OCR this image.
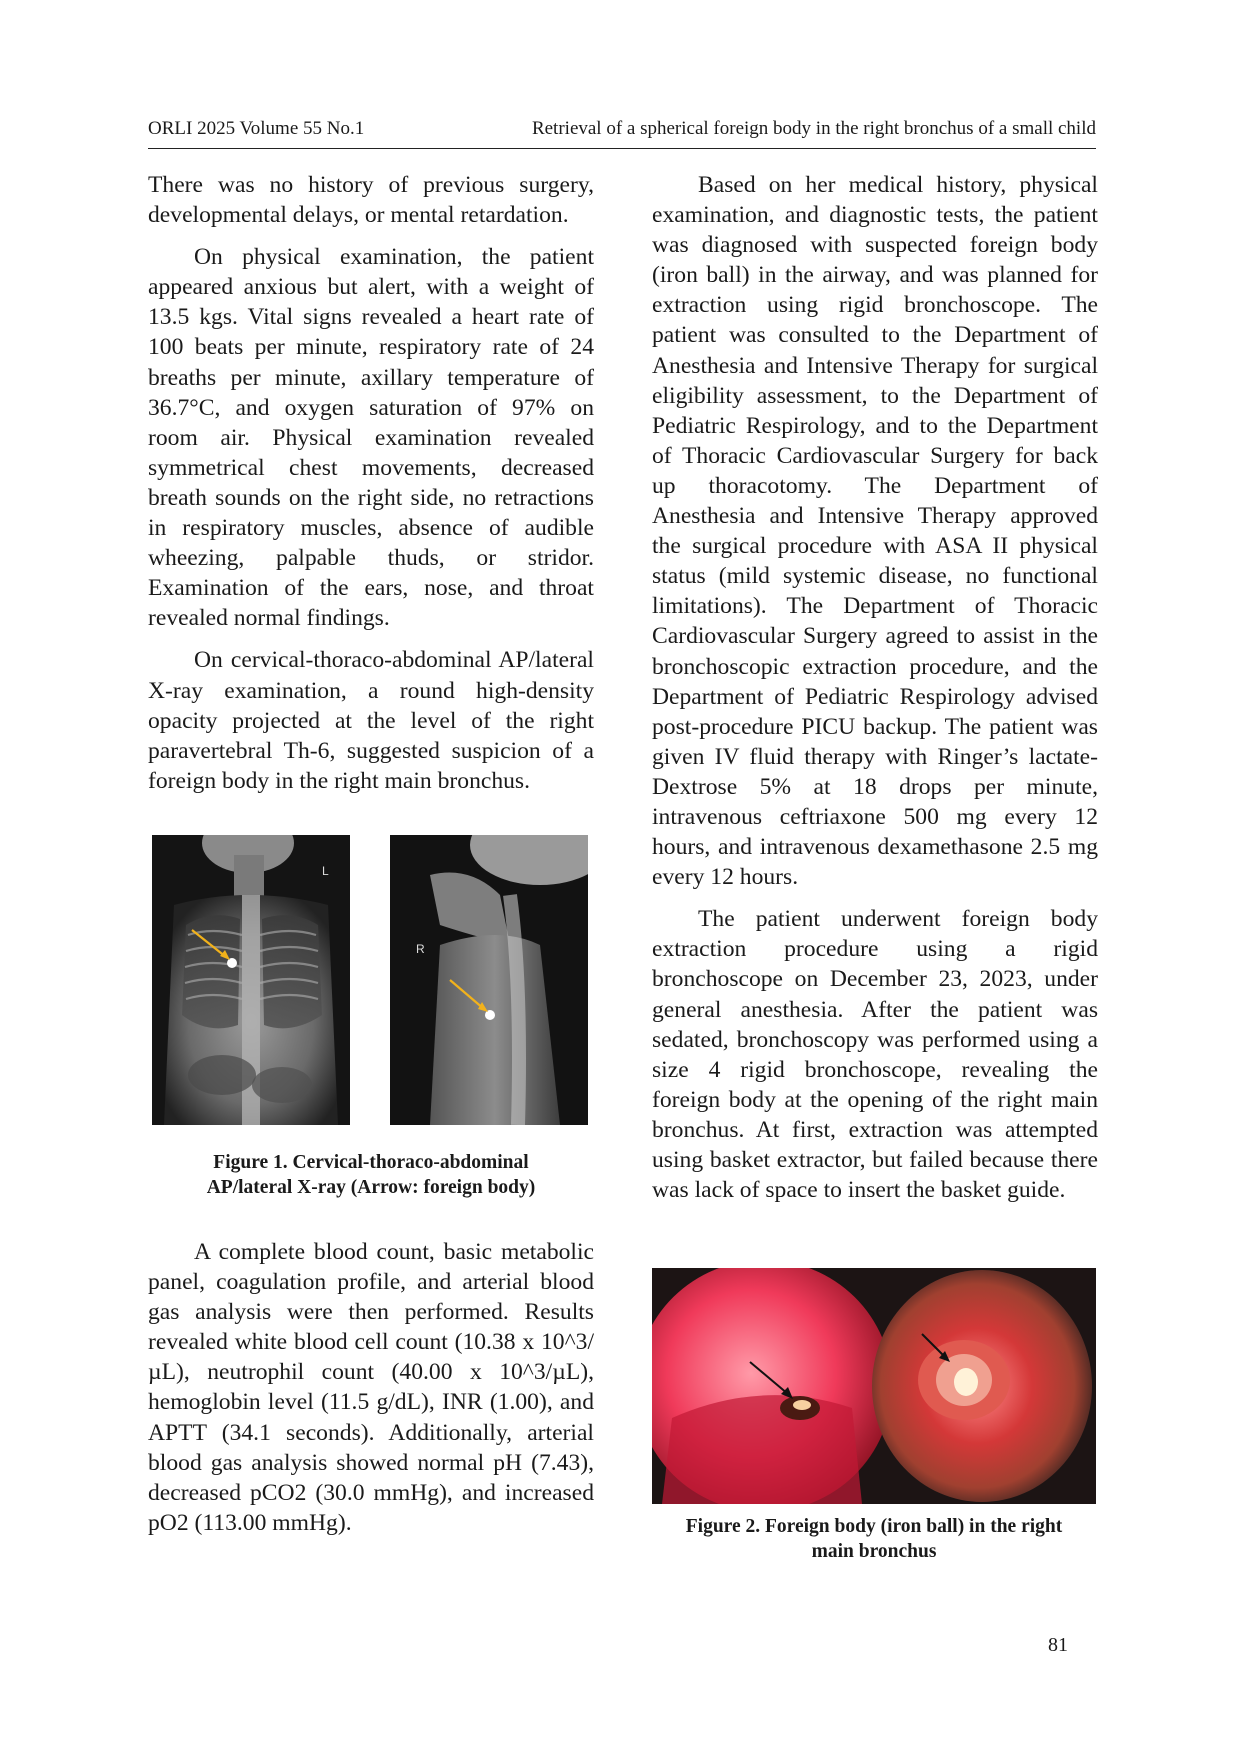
ORLI 2025 Volume 55 No.1	Retrieval of a spherical foreign body in the right bronchus of a small child

There was no history of previous surgery, developmental delays, or mental retardation.

On physical examination, the patient appeared anxious but alert, with a weight of 13.5 kgs. Vital signs revealed a heart rate of 100 beats per minute, respiratory rate of 24 breaths per minute, axillary temperature of 36.7°C, and oxygen saturation of 97% on room air. Physical examination revealed symmetrical chest movements, decreased breath sounds on the right side, no retractions in respiratory muscles, absence of audible wheezing, palpable thuds, or stridor. Examination of the ears, nose, and throat revealed normal findings.

On cervical-thoraco-abdominal AP/lateral X-ray examination, a round high-density opacity projected at the level of the right paravertebral Th-6, suggested suspicion of a foreign body in the right main bronchus.

L
R
Figure 1. Cervical-thoraco-abdominal
AP/lateral X-ray (Arrow: foreign body)

A complete blood count, basic metabolic panel, coagulation profile, and arterial blood gas analysis were then performed. Results revealed white blood cell count (10.38 x 10^3/µL), neutrophil count (40.00 x 10^3/µL), hemoglobin level (11.5 g/dL), INR (1.00), and APTT (34.1 seconds). Additionally, arterial blood gas analysis showed normal pH (7.43), decreased pCO2 (30.0 mmHg), and increased pO2 (113.00 mmHg).

Based on her medical history, physical examination, and diagnostic tests, the patient was diagnosed with suspected foreign body (iron ball) in the airway, and was planned for extraction using rigid bronchoscope. The patient was consulted to the Department of Anesthesia and Intensive Therapy for surgical eligibility assessment, to the Department of Pediatric Respirology, and to the Department of Thoracic Cardiovascular Surgery for back up thoracotomy. The Department of Anesthesia and Intensive Therapy approved the surgical procedure with ASA II physical status (mild systemic disease, no functional limitations). The Department of Thoracic Cardiovascular Surgery agreed to assist in the bronchoscopic extraction procedure, and the Department of Pediatric Respirology advised post-procedure PICU backup. The patient was given IV fluid therapy with Ringer’s lactate-Dextrose 5% at 18 drops per minute, intravenous ceftriaxone 500 mg every 12 hours, and intravenous dexamethasone 2.5 mg every 12 hours.

The patient underwent foreign body extraction procedure using a rigid bronchoscope on December 23, 2023, under general anesthesia. After the patient was sedated, bronchoscopy was performed using a size 4 rigid bronchoscope, revealing the foreign body at the opening of the right main bronchus. At first, extraction was attempted using basket extractor, but failed because there was lack of space to insert the basket guide.

Figure 2. Foreign body (iron ball) in the right
main bronchus
81
